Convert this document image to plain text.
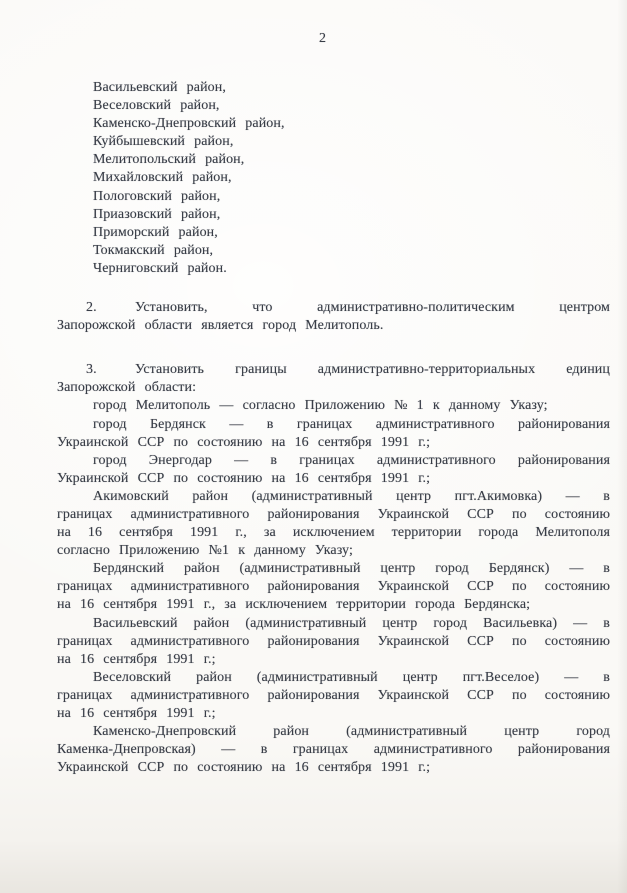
2
Васильевский район,
Веселовский район,
Каменско-Днепровский район,
Куйбышевский район,
Мелитопольский район,
Михайловский район,
Пологовский район,
Приазовский район,
Приморский район,
Токмакский район,
Черниговский район.
2.	Установить, что административно-политическим центром
Запорожской области является город Мелитополь.
3.	Установить границы административно-территориальных единиц
Запорожской области:
город Мелитополь — согласно Приложению № 1 к данному Указу;
город Бердянск — в границах административного районирования
Украинской ССР по состоянию на 16 сентября 1991 г.;
город Энергодар — в границах административного районирования
Украинской ССР по состоянию на 16 сентября 1991 г.;
Акимовский район (административный центр пгт.Акимовка) — в
границах административного районирования Украинской ССР по состоянию
на 16 сентября 1991 г., за исключением территории города Мелитополя
согласно Приложению №1 к данному Указу;
Бердянский район (административный центр город Бердянск) — в
границах административного районирования Украинской ССР по состоянию
на 16 сентября 1991 г., за исключением территории города Бердянска;
Васильевский район (административный центр город Васильевка) — в
границах административного районирования Украинской ССР по состоянию
на 16 сентября 1991 г.;
Веселовский район (административный центр пгт.Веселое) — в
границах административного районирования Украинской ССР по состоянию
на 16 сентября 1991 г.;
Каменско-Днепровский район (административный центр город
Каменка-Днепровская) — в границах административного районирования
Украинской ССР по состоянию на 16 сентября 1991 г.;
